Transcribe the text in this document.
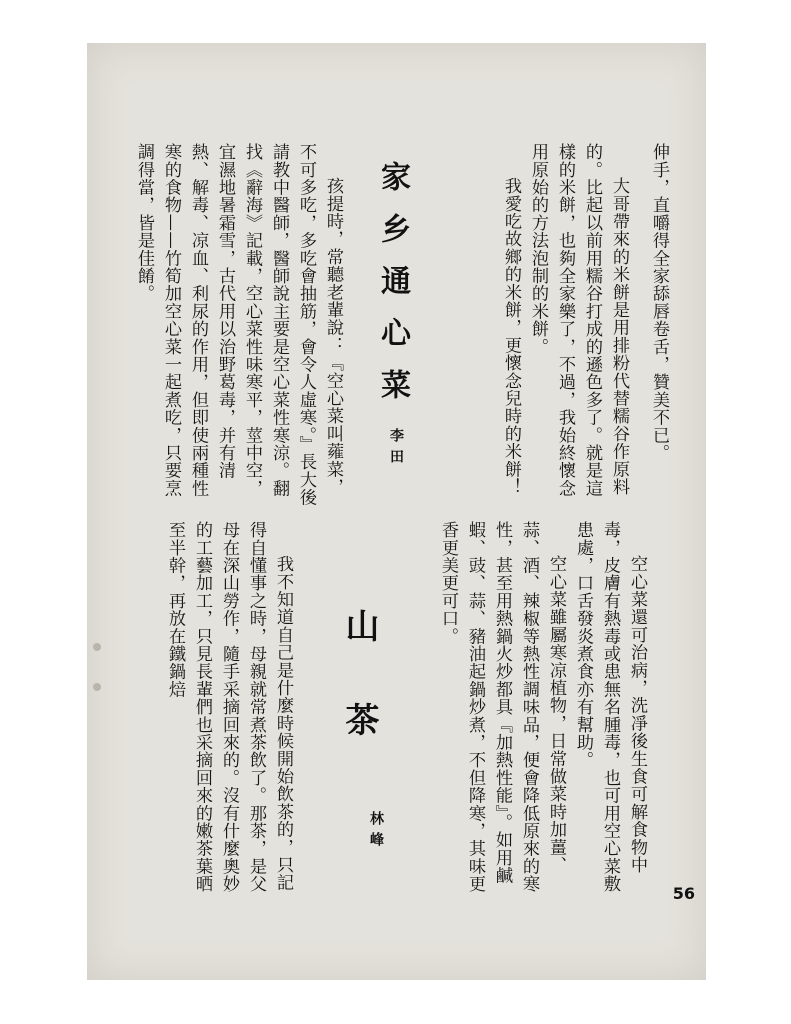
伸手，直嚼得全家舔唇卷舌，贊美不已。

家乡通心菜
李田	大哥帶來的米餅是用排粉代替糯谷作原料的。比起以前用糯谷打成的遜色多了。就是這樣的米餅，也夠全家樂了，不過，我始終懷念用原始的方法泡制的米餅。

我愛吃故鄉的米餅，更懷念兒時的米餅！

孩提時，常聽老輩說：『空心菜叫蕹菜，不可多吃，多吃會抽筋，會令人虛寒。』長大後請教中醫師，醫師說主要是空心菜性寒涼。翻找《辭海》記載，空心菜性味寒平，莖中空，宜濕地暑霜雪，古代用以治野葛毒，并有清熱、解毒、凉血、利尿的作用，但即使兩種性寒的食物——竹筍加空心菜一起煮吃，只要烹調得當，皆是佳餚。

空心菜還可治病，洗凈後生食可解食物中毒，皮膚有熱毒或患無名腫毒，也可用空心菜敷患處，口舌發炎煮食亦有幫助。

空心菜雖屬寒凉植物，日常做菜時加薑、蒜、酒、辣椒等熱性調味品，便會降低原來的寒性，甚至用熱鍋火炒都具『加熱性能』。如用鹹蝦、豉、蒜、豬油起鍋炒煮，不但降寒，其味更香更美更可口。

山茶
林峰

我不知道自己是什麼時候開始飲茶的，只記得自懂事之時，母親就常煮茶飲了。那茶，是父母在深山勞作，隨手采摘回來的。沒有什麼奧妙的工藝加工，只見長輩們也采摘回來的嫩茶葉晒至半幹，再放在鐵鍋焙

56
